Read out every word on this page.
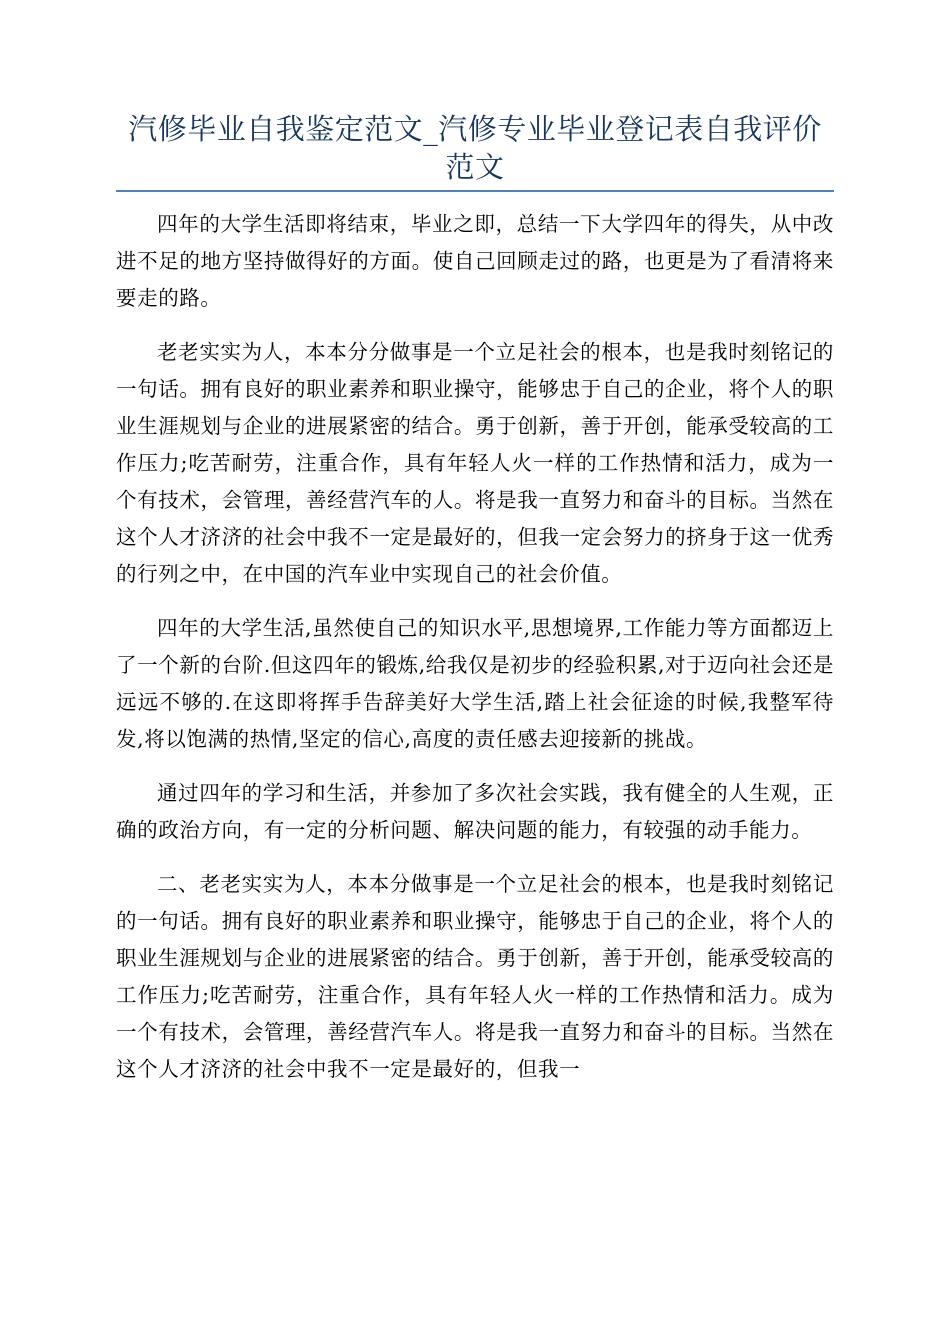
汽修毕业自我鉴定范文_汽修专业毕业登记表自我评价范文

四年的大学生活即将结束，毕业之即，总结一下大学四年的得失，从中改进不足的地方坚持做得好的方面。使自己回顾走过的路，也更是为了看清将来要走的路。

老老实实为人，本本分分做事是一个立足社会的根本，也是我时刻铭记的一句话。拥有良好的职业素养和职业操守，能够忠于自己的企业，将个人的职业生涯规划与企业的进展紧密的结合。勇于创新，善于开创，能承受较高的工作压力;吃苦耐劳，注重合作，具有年轻人火一样的工作热情和活力，成为一个有技术，会管理，善经营汽车的人。将是我一直努力和奋斗的目标。当然在这个人才济济的社会中我不一定是最好的，但我一定会努力的挤身于这一优秀的行列之中，在中国的汽车业中实现自己的社会价值。

四年的大学生活,虽然使自己的知识水平,思想境界,工作能力等方面都迈上了一个新的台阶.但这四年的锻炼,给我仅是初步的经验积累,对于迈向社会还是远远不够的.在这即将挥手告辞美好大学生活,踏上社会征途的时候,我整军待发,将以饱满的热情,坚定的信心,高度的责任感去迎接新的挑战。

通过四年的学习和生活，并参加了多次社会实践，我有健全的人生观，正确的政治方向，有一定的分析问题、解决问题的能力，有较强的动手能力。

二、老老实实为人，本本分做事是一个立足社会的根本，也是我时刻铭记的一句话。拥有良好的职业素养和职业操守，能够忠于自己的企业，将个人的职业生涯规划与企业的进展紧密的结合。勇于创新，善于开创，能承受较高的工作压力;吃苦耐劳，注重合作，具有年轻人火一样的工作热情和活力。成为一个有技术，会管理，善经营汽车人。将是我一直努力和奋斗的目标。当然在这个人才济济的社会中我不一定是最好的，但我一
